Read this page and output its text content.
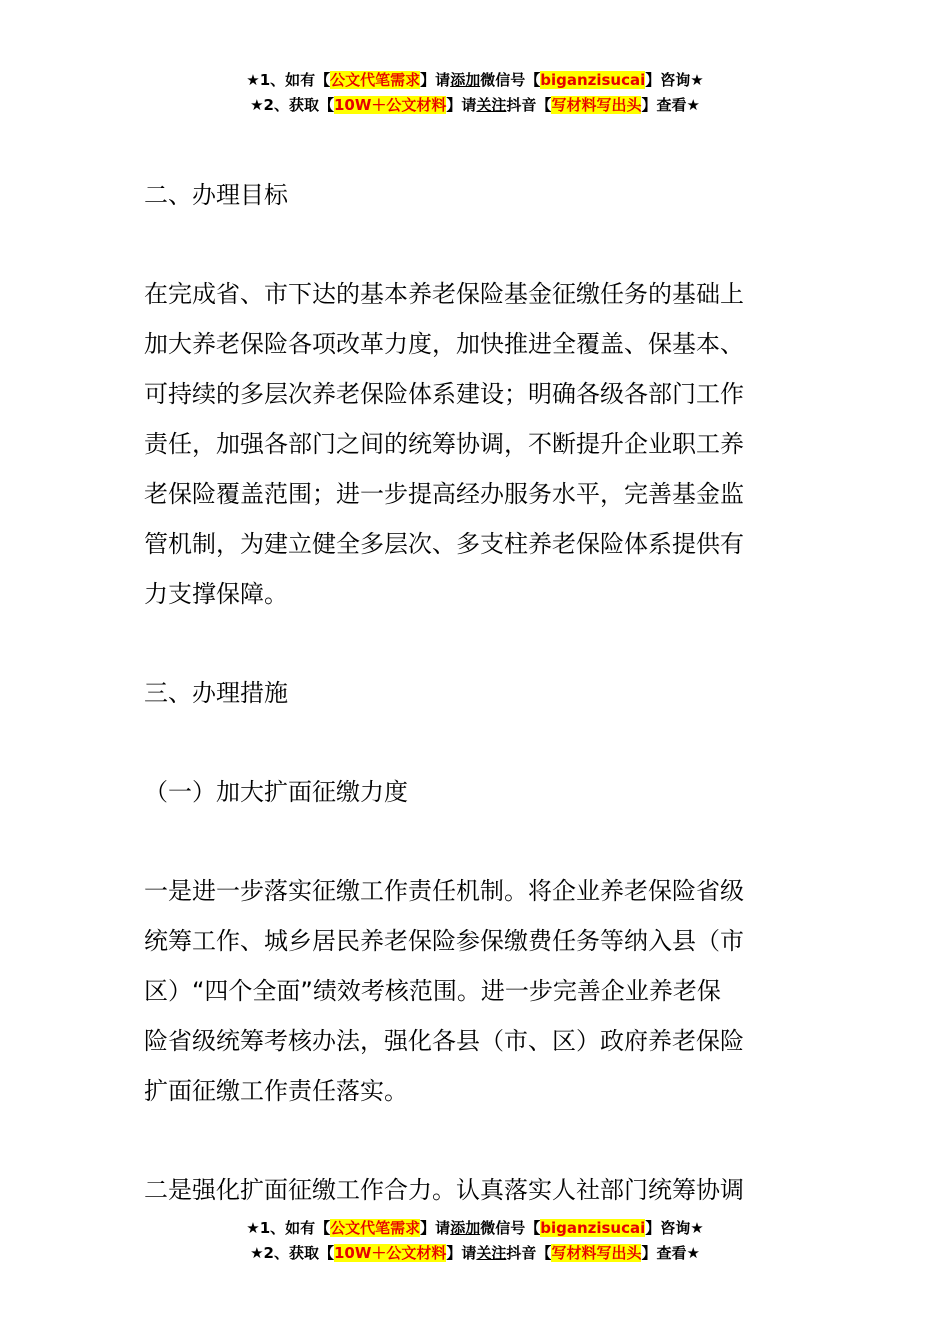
★1、如有【公文代笔需求】请添加微信号【biganzisucai】咨询★
★2、获取【10W＋公文材料】请关注抖音【写材料写出头】查看★

二、办理目标

在完成省、市下达的基本养老保险基金征缴任务的基础上
加大养老保险各项改革力度，加快推进全覆盖、保基本、
可持续的多层次养老保险体系建设；明确各级各部门工作
责任，加强各部门之间的统筹协调，不断提升企业职工养
老保险覆盖范围；进一步提高经办服务水平，完善基金监
管机制，为建立健全多层次、多支柱养老保险体系提供有
力支撑保障。

三、办理措施

（一）加大扩面征缴力度

一是进一步落实征缴工作责任机制。将企业养老保险省级
统筹工作、城乡居民养老保险参保缴费任务等纳入县（市
区）“四个全面”绩效考核范围。进一步完善企业养老保
险省级统筹考核办法，强化各县（市、区）政府养老保险
扩面征缴工作责任落实。

二是强化扩面征缴工作合力。认真落实人社部门统筹协调

★1、如有【公文代笔需求】请添加微信号【biganzisucai】咨询★
★2、获取【10W＋公文材料】请关注抖音【写材料写出头】查看★
